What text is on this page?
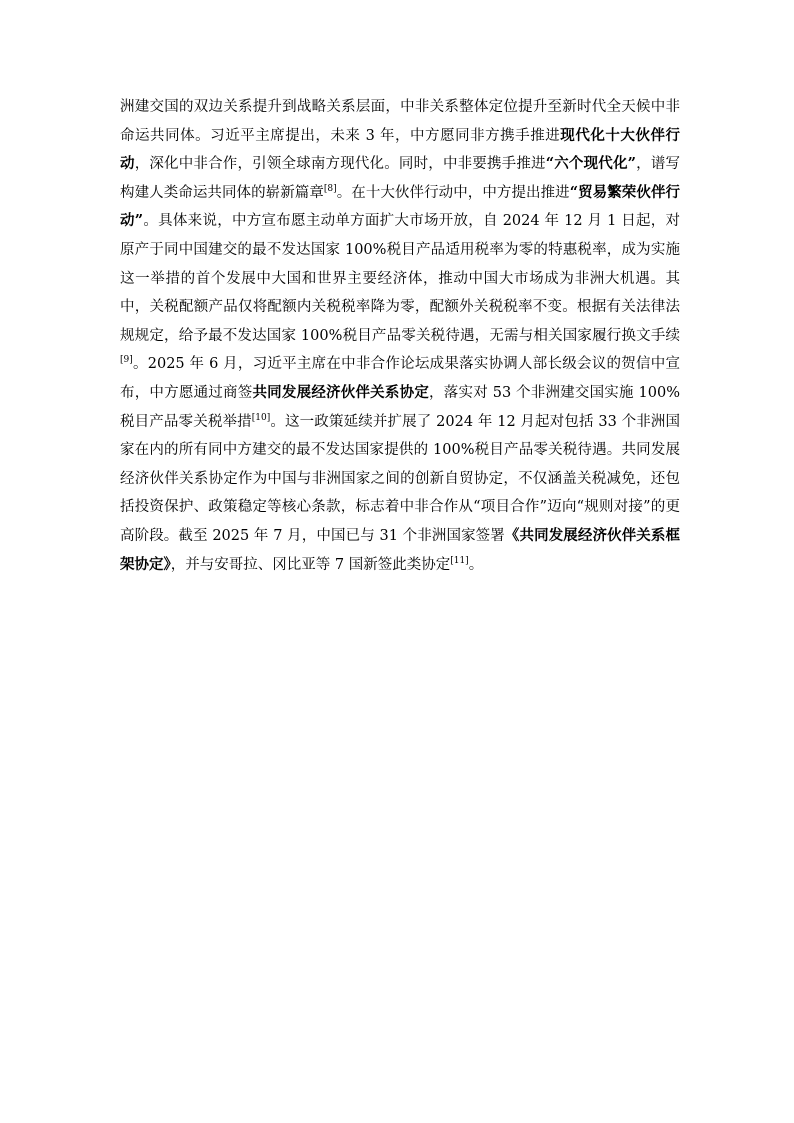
洲建交国的双边关系提升到战略关系层面，中非关系整体定位提升至新时代全天候中非命运共同体。习近平主席提出，未来 3 年，中方愿同非方携手推进现代化十大伙伴行动，深化中非合作，引领全球南方现代化。同时，中非要携手推进“六个现代化”，谱写构建人类命运共同体的崭新篇章[8]。在十大伙伴行动中，中方提出推进“贸易繁荣伙伴行动”。具体来说，中方宣布愿主动单方面扩大市场开放，自 2024 年 12 月 1 日起，对原产于同中国建交的最不发达国家 100%税目产品适用税率为零的特惠税率，成为实施这一举措的首个发展中大国和世界主要经济体，推动中国大市场成为非洲大机遇。其中，关税配额产品仅将配额内关税税率降为零，配额外关税税率不变。根据有关法律法规规定，给予最不发达国家 100%税目产品零关税待遇，无需与相关国家履行换文手续[9]。2025 年 6 月，习近平主席在中非合作论坛成果落实协调人部长级会议的贺信中宣布，中方愿通过商签共同发展经济伙伴关系协定，落实对 53 个非洲建交国实施 100%税目产品零关税举措[10]。这一政策延续并扩展了 2024 年 12 月起对包括 33 个非洲国家在内的所有同中方建交的最不发达国家提供的 100%税目产品零关税待遇。共同发展经济伙伴关系协定作为中国与非洲国家之间的创新自贸协定，不仅涵盖关税减免，还包括投资保护、政策稳定等核心条款，标志着中非合作从“项目合作”迈向“规则对接”的更高阶段。截至 2025 年 7 月，中国已与 31 个非洲国家签署《共同发展经济伙伴关系框架协定》，并与安哥拉、冈比亚等 7 国新签此类协定[11]。
